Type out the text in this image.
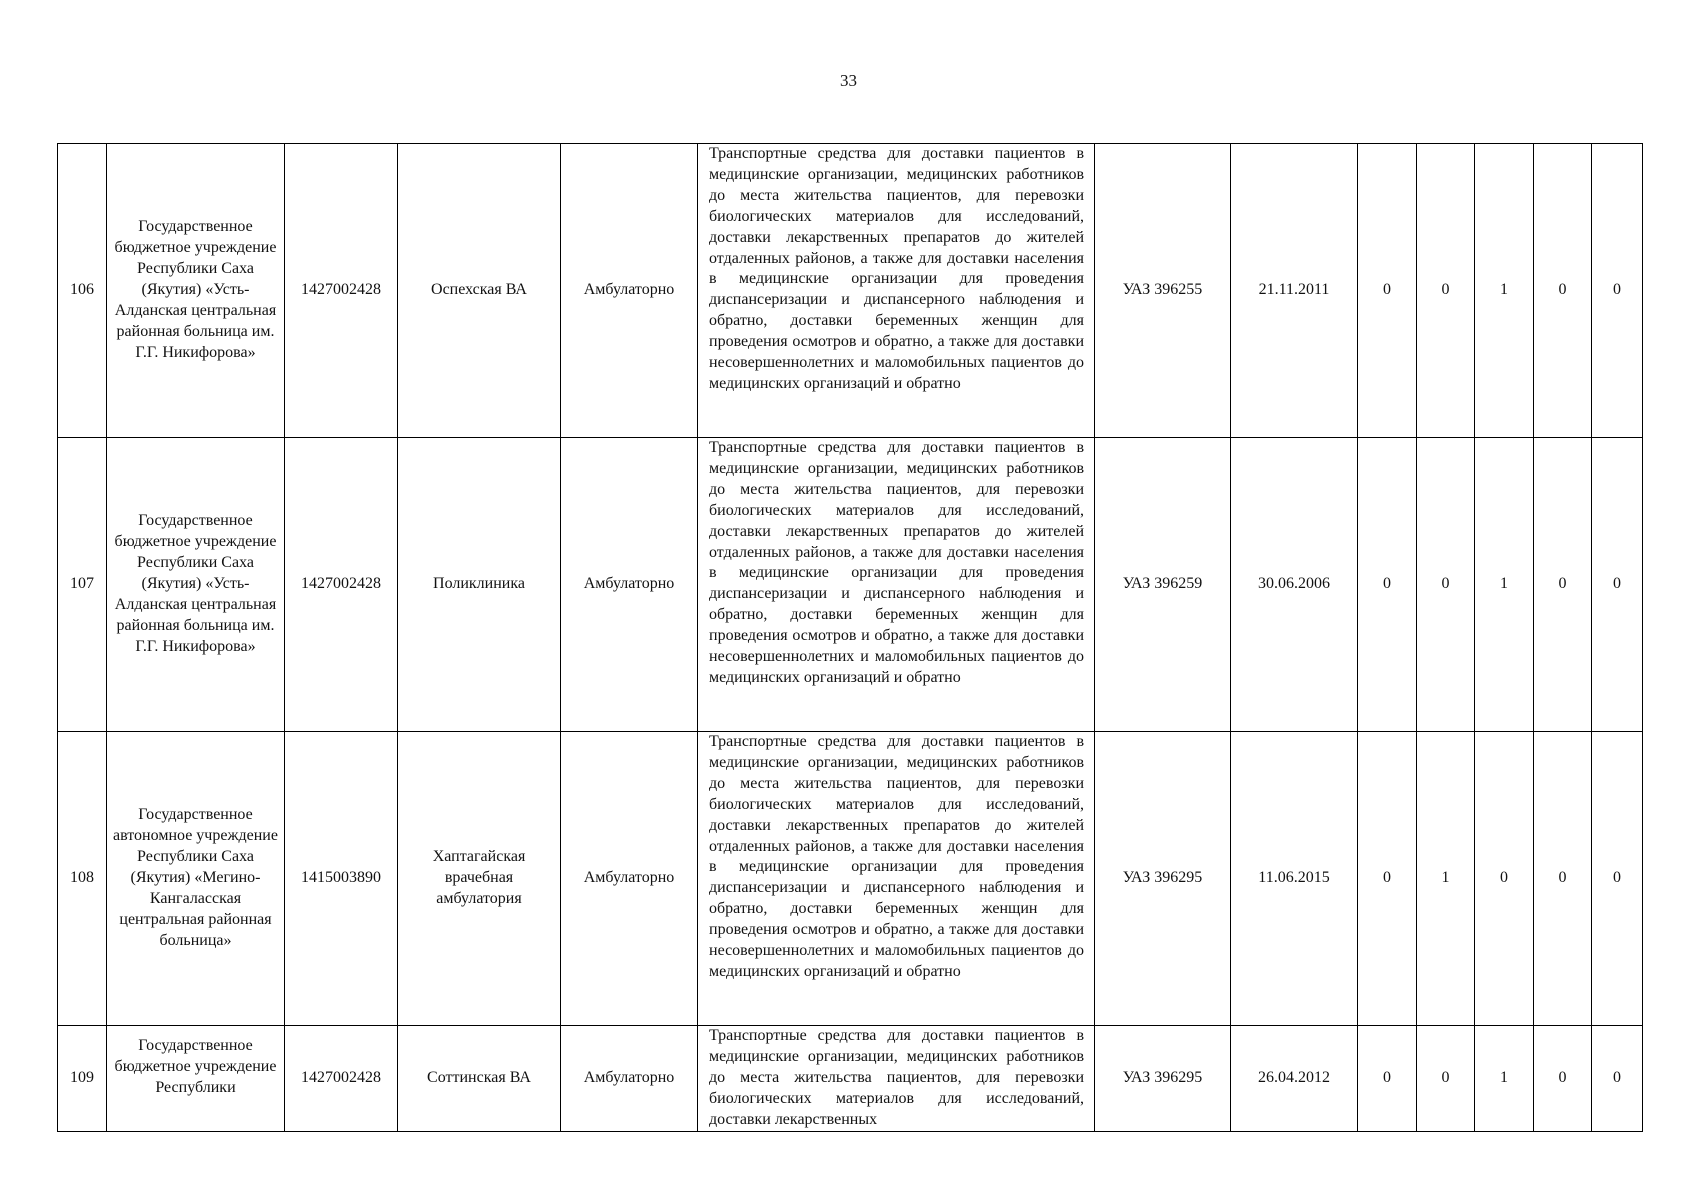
33
106	Государственное бюджетное учреждение Республики Саха (Якутия) «Усть-Алданская центральная районная больница им. Г.Г. Никифорова»	1427002428	Оспехская ВА	Амбулаторно	Транспортные средства для доставки пациентов в медицинские организации, медицинских работников до места жительства пациентов, для перевозки биологических материалов для исследований, доставки лекарственных препаратов до жителей отдаленных районов, а также для доставки населения в медицинские организации для проведения диспансеризации и диспансерного наблюдения и обратно, доставки беременных женщин для проведения осмотров и обратно, а также для доставки несовершеннолетних и маломобильных пациентов до медицинских организаций и обратно	УАЗ 396255	21.11.2011	0	0	1	0	0
107	Государственное бюджетное учреждение Республики Саха (Якутия) «Усть-Алданская центральная районная больница им. Г.Г. Никифорова»	1427002428	Поликлиника	Амбулаторно	Транспортные средства для доставки пациентов в медицинские организации, медицинских работников до места жительства пациентов, для перевозки биологических материалов для исследований, доставки лекарственных препаратов до жителей отдаленных районов, а также для доставки населения в медицинские организации для проведения диспансеризации и диспансерного наблюдения и обратно, доставки беременных женщин для проведения осмотров и обратно, а также для доставки несовершеннолетних и маломобильных пациентов до медицинских организаций и обратно	УАЗ 396259	30.06.2006	0	0	1	0	0
108	Государственное автономное учреждение Республики Саха (Якутия) «Мегино-Кангаласская центральная районная больница»	1415003890	Хаптагайская врачебная амбулатория	Амбулаторно	Транспортные средства для доставки пациентов в медицинские организации, медицинских работников до места жительства пациентов, для перевозки биологических материалов для исследований, доставки лекарственных препаратов до жителей отдаленных районов, а также для доставки населения в медицинские организации для проведения диспансеризации и диспансерного наблюдения и обратно, доставки беременных женщин для проведения осмотров и обратно, а также для доставки несовершеннолетних и маломобильных пациентов до медицинских организаций и обратно	УАЗ 396295	11.06.2015	0	1	0	0	0
109	Государственное бюджетное учреждение Республики	1427002428	Соттинская ВА	Амбулаторно	Транспортные средства для доставки пациентов в медицинские организации, медицинских работников до места жительства пациентов, для перевозки биологических материалов для исследований, доставки лекарственных	УАЗ 396295	26.04.2012	0	0	1	0	0
